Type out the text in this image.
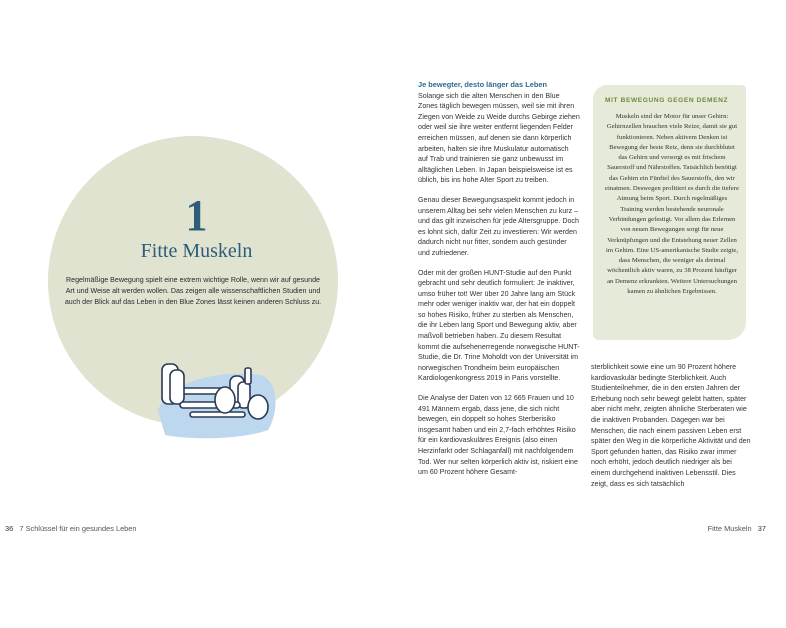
1
Fitte Muskeln
Regelmäßige Bewegung spielt eine extrem wichtige Rolle, wenn wir auf gesunde Art und Weise alt werden wollen. Das zeigen alle wissenschaftlichen Studien und auch der Blick auf das Leben in den Blue Zones lässt keinen anderen Schluss zu.
36 7 Schlüssel für ein gesundes Leben
Je bewegter, desto länger das Leben

Solange sich die alten Menschen in den Blue Zones täglich bewegen müssen, weil sie mit ihren Ziegen von Weide zu Weide durchs Gebirge ziehen oder weil sie ihre weiter entfernt liegenden Felder erreichen müssen, auf denen sie dann körperlich arbeiten, halten sie ihre Muskulatur automatisch auf Trab und trainieren sie ganz unbewusst im alltäglichen Leben. In Japan beispielsweise ist es üblich, bis ins hohe Alter Sport zu treiben.

Genau dieser Bewegungsaspekt kommt jedoch in unserem Alltag bei sehr vielen Menschen zu kurz – und das gilt inzwischen für jede Altersgruppe. Doch es lohnt sich, dafür Zeit zu investieren: Wir werden dadurch nicht nur fitter, sondern auch gesünder und zufriedener.

Oder mit der großen HUNT-Studie auf den Punkt gebracht und sehr deutlich formuliert: Je inaktiver, umso früher tot! Wer über 20 Jahre lang am Stück mehr oder weniger inaktiv war, der hat ein doppelt so hohes Risiko, früher zu sterben als Menschen, die ihr Leben lang Sport und Bewegung aktiv, aber maßvoll betrieben haben. Zu diesem Resultat kommt die aufsehenerregende norwegische HUNT-Studie, die Dr. Trine Moholdt von der Universität im norwegischen Trondheim beim europäischen Kardiologenkongress 2019 in Paris vorstellte.

Die Analyse der Daten von 12 665 Frauen und 10 491 Männern ergab, dass jene, die sich nicht bewegen, ein doppelt so hohes Sterberisiko insgesamt haben und ein 2,7-fach erhöhtes Risiko für ein kardiovaskuläres Ereignis (also einen Herzinfarkt oder Schlaganfall) mit nachfolgendem Tod. Wer nur selten körperlich aktiv ist, riskiert eine um 60 Prozent höhere Gesamt-

MIT BEWEGUNG GEGEN DEMENZ
Muskeln sind der Motor für unser Gehirn: Gehirnzellen brauchen viele Reize, damit sie gut funktionieren. Neben aktivem Denken ist Bewegung der beste Reiz, denn sie durchblutet das Gehirn und versorgt es mit frischem Sauerstoff und Nährstoffen. Tatsächlich benötigt das Gehirn ein Fünftel des Sauerstoffs, den wir einatmen. Deswegen profitiert es durch die tiefere Atmung beim Sport. Durch regelmäßiges Training werden bestehende neuronale Verbindungen gefestigt. Vor allem das Erlernen von neuen Bewegungen sorgt für neue Verknüpfungen und die Entstehung neuer Zellen im Gehirn. Eine US-amerikanische Studie zeigte, dass Menschen, die weniger als dreimal wöchentlich aktiv waren, zu 38 Prozent häufiger an Demenz erkrankten. Weitere Untersuchungen kamen zu ähnlichen Ergebnissen.

sterblichkeit sowie eine um 90 Prozent höhere kardiovaskulär bedingte Sterblichkeit. Auch Studienteilnehmer, die in den ersten Jahren der Erhebung noch sehr bewegt gelebt hatten, später aber nicht mehr, zeigten ähnliche Sterberaten wie die inaktiven Probanden. Dagegen war bei Menschen, die nach einem passiven Leben erst später den Weg in die körperliche Aktivität und den Sport gefunden hatten, das Risiko zwar immer noch erhöht, jedoch deutlich niedriger als bei einem durchgehend inaktiven Lebensstil. Dies zeigt, dass es sich tatsächlich

Fitte Muskeln 37
